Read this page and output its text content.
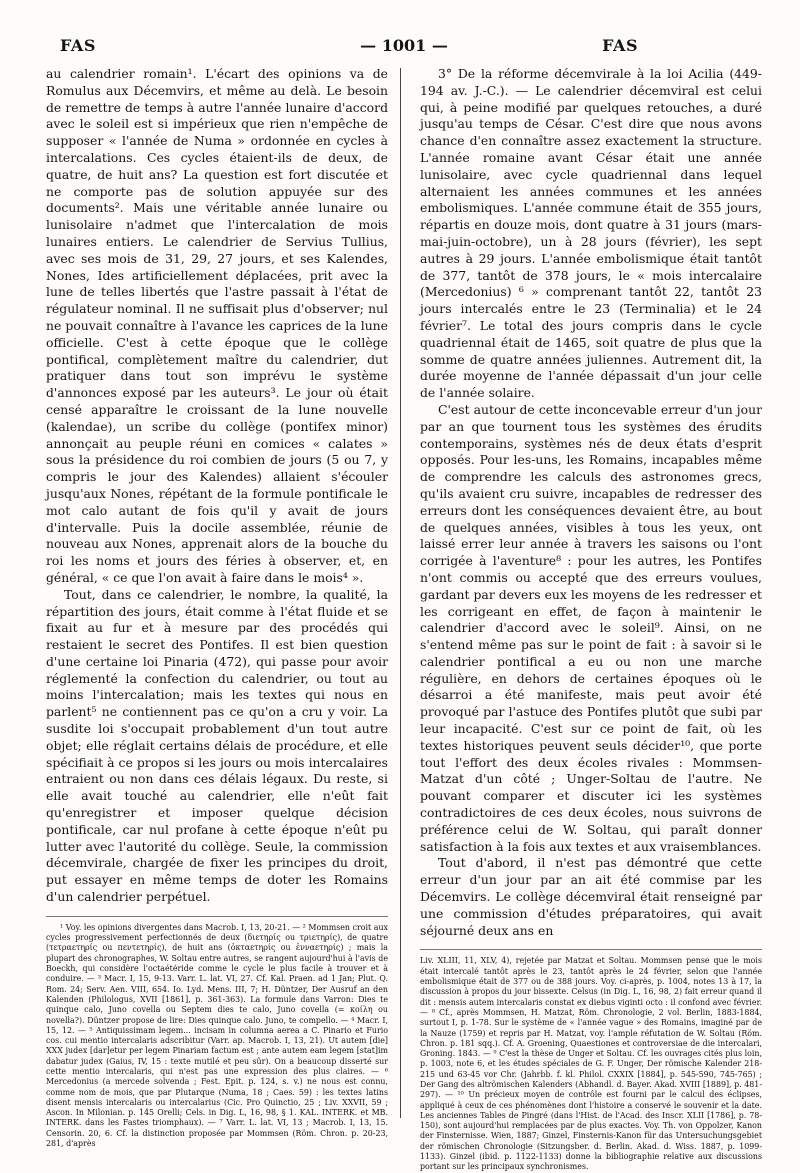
FAS	— 1001 —	FAS

au calendrier romain¹. L'écart des opinions va de Romulus aux Décemvirs, et même au delà. Le besoin de remettre de temps à autre l'année lunaire d'accord avec le soleil est si impérieux que rien n'empêche de supposer « l'année de Numa » ordonnée en cycles à intercalations. Ces cycles étaient-ils de deux, de quatre, de huit ans? La question est fort discutée et ne comporte pas de solution appuyée sur des documents². Mais une véritable année lunaire ou lunisolaire n'admet que l'intercalation de mois lunaires entiers. Le calendrier de Servius Tullius, avec ses mois de 31, 29, 27 jours, et ses Kalendes, Nones, Ides artificiellement déplacées, prit avec la lune de telles libertés que l'astre passait à l'état de régulateur nominal. Il ne suffisait plus d'observer; nul ne pouvait connaître à l'avance les caprices de la lune officielle. C'est à cette époque que le collège pontifical, complètement maître du calendrier, dut pratiquer dans tout son imprévu le système d'annonces exposé par les auteurs³. Le jour où était censé apparaître le croissant de la lune nouvelle (kalendae), un scribe du collège (pontifex minor) annonçait au peuple réuni en comices « calates » sous la présidence du roi combien de jours (5 ou 7, y compris le jour des Kalendes) allaient s'écouler jusqu'aux Nones, répétant de la formule pontificale le mot calo autant de fois qu'il y avait de jours d'intervalle. Puis la docile assemblée, réunie de nouveau aux Nones, apprenait alors de la bouche du roi les noms et jours des féries à observer, et, en général, « ce que l'on avait à faire dans le mois⁴ ».

Tout, dans ce calendrier, le nombre, la qualité, la répartition des jours, était comme à l'état fluide et se fixait au fur et à mesure par des procédés qui restaient le secret des Pontifes. Il est bien question d'une certaine loi Pinaria (472), qui passe pour avoir réglementé la confection du calendrier, ou tout au moins l'intercalation; mais les textes qui nous en parlent⁵ ne contiennent pas ce qu'on a cru y voir. La susdite loi s'occupait probablement d'un tout autre objet; elle réglait certains délais de procédure, et elle spécifiait à ce propos si les jours ou mois intercalaires entraient ou non dans ces délais légaux. Du reste, si elle avait touché au calendrier, elle n'eût fait qu'enregistrer et imposer quelque décision pontificale, car nul profane à cette époque n'eût pu lutter avec l'autorité du collège. Seule, la commission décemvirale, chargée de fixer les principes du droit, put essayer en même temps de doter les Romains d'un calendrier perpétuel.

¹ Voy. les opinions divergentes dans Macrob. I, 13, 20-21. — ² Mommsen croit aux cycles progressivement perfectionnés de deux (διετηρίς ou τριετηρίς), de quatre (τετραετηρίς ou πεντετηρίς), de huit ans (ὀκταετηρίς ou ἐνναετηρίς) ; mais la plupart des chronographes, W. Soltau entre autres, se rangent aujourd'hui à l'avis de Boeckh, qui considère l'octaétéride comme le cycle le plus facile à trouver et à conduire. — ³ Macr. I, 15, 9-13. Varr. L. lat. VI, 27. Cf. Kal. Praen. ad 1 Jan; Plut. Q. Rom. 24; Serv. Aen. VIII, 654. Io. Lyd. Mens. III, 7; H. Düntzer, Der Ausruf an den Kalenden (Philologus, XVII [1861], p. 361-363). La formule dans Varron: Dies te quinque calo, Juno covella ou Septem dies te calo, Juno covella (= κοίλη ou novella?). Düntzer propose de lire: Dies quinque calo. Juno, te compello. — ⁴ Macr. I, 15, 12. — ⁵ Antiquissimam legem... incisam in columna aerea a C. Pinario et Furio cos. cui mentio intercalaris adscribitur (Varr. ap. Macrob. I, 13, 21). Ut autem [die] XXX judex [dar]etur per legem Pinariam factum est ; ante autem eam legem [stat]im dabatur judex (Gaius, IV, 15 : texte mutilé et peu sûr). On a beaucoup disserté sur cette mentio intercalaris, qui n'est pas une expression des plus claires. — ⁶ Mercedonius (a mercede solvenda ; Fest. Epit. p. 124, s. v.) ne nous est connu, comme nom de mois, que par Plutarque (Numa, 18 ; Caes. 59) : les textes latins disent mensis intercalaris ou intercalarius (Cic. Pro Quinctio, 25 ; Liv. XXVII, 59 ; Ascon. In Milonian. p. 145 Orelli; Cels. in Dig. L, 16, 98, § 1. KAL. INTERK. et MB. INTERK. dans les Fastes triomphaux). — ⁷ Varr. L. lat. VI, 13 ; Macrob. I, 13, 15. Censorin. 20, 6. Cf. la distinction proposée par Mommsen (Röm. Chron. p. 20-23, 281, d'après

3° De la réforme décemvirale à la loi Acilia (449-194 av. J.-C.). — Le calendrier décemviral est celui qui, à peine modifié par quelques retouches, a duré jusqu'au temps de César. C'est dire que nous avons chance d'en connaître assez exactement la structure. L'année romaine avant César était une année lunisolaire, avec cycle quadriennal dans lequel alternaient les années communes et les années embolismiques. L'année commune était de 355 jours, répartis en douze mois, dont quatre à 31 jours (mars-mai-juin-octobre), un à 28 jours (février), les sept autres à 29 jours. L'année embolismique était tantôt de 377, tantôt de 378 jours, le « mois intercalaire (Mercedonius) ⁶ » comprenant tantôt 22, tantôt 23 jours intercalés entre le 23 (Terminalia) et le 24 février⁷. Le total des jours compris dans le cycle quadriennal était de 1465, soit quatre de plus que la somme de quatre années juliennes. Autrement dit, la durée moyenne de l'année dépassait d'un jour celle de l'année solaire.

C'est autour de cette inconcevable erreur d'un jour par an que tournent tous les systèmes des érudits contemporains, systèmes nés de deux états d'esprit opposés. Pour les-uns, les Romains, incapables même de comprendre les calculs des astronomes grecs, qu'ils avaient cru suivre, incapables de redresser des erreurs dont les conséquences devaient être, au bout de quelques années, visibles à tous les yeux, ont laissé errer leur année à travers les saisons ou l'ont corrigée à l'aventure⁸ : pour les autres, les Pontifes n'ont commis ou accepté que des erreurs voulues, gardant par devers eux les moyens de les redresser et les corrigeant en effet, de façon à maintenir le calendrier d'accord avec le soleil⁹. Ainsi, on ne s'entend même pas sur le point de fait : à savoir si le calendrier pontifical a eu ou non une marche régulière, en dehors de certaines époques où le désarroi a été manifeste, mais peut avoir été provoqué par l'astuce des Pontifes plutôt que subi par leur incapacité. C'est sur ce point de fait, où les textes historiques peuvent seuls décider¹⁰, que porte tout l'effort des deux écoles rivales : Mommsen-Matzat d'un côté ; Unger-Soltau de l'autre. Ne pouvant comparer et discuter ici les systèmes contradictoires de ces deux écoles, nous suivrons de préférence celui de W. Soltau, qui paraît donner satisfaction à la fois aux textes et aux vraisemblances.

Tout d'abord, il n'est pas démontré que cette erreur d'un jour par an ait été commise par les Décemvirs. Le collège décemviral était renseigné par une commission d'études préparatoires, qui avait séjourné deux ans en

Liv. XLIII, 11, XLV, 4), rejetée par Matzat et Soltau. Mommsen pense que le mois était intercalé tantôt après le 23, tantôt après le 24 février, selon que l'année embolismique était de 377 ou de 388 jours. Voy. ci-après, p. 1004, notes 13 à 17, la discussion à propos du jour bissexte. Celsus (in Dig. L, 16, 98, 2) fait erreur quand il dit : mensis autem intercalaris constat ex diebus viginti octo : il confond avec février. — ⁸ Cf., après Mommsen, H. Matzat, Röm. Chronologie, 2 vol. Berlin, 1883-1884, surtout I, p. 1-78. Sur le système de « l'année vague » des Romains, imaginé par de la Nauze (1759) et repris par H. Matzat, voy. l'ample réfutation de W. Soltau (Röm. Chron. p. 181 sqq.). Cf. A. Groening, Quaestiones et controversiae de die intercalari, Groning. 1843. — ⁹ C'est la thèse de Unger et Soltau. Cf. les ouvrages cités plus loin, p. 1003, note 6, et les études spéciales de G. F. Unger, Der römische Kalender 218-215 und 63-45 vor Chr. (Jahrbb. f. kl. Philol. CXXIX [1884], p. 545-590, 745-765) ; Der Gang des altrömischen Kalenders (Abhandl. d. Bayer. Akad. XVIII [1889], p. 481-297). — ¹⁰ Un précieux moyen de contrôle est fourni par le calcul des éclipses, appliqué à ceux de ces phénomènes dont l'histoire a conservé le souvenir et la date. Les anciennes Tables de Pingré (dans l'Hist. de l'Acad. des Inscr. XLII [1786], p. 78-150), sont aujourd'hui remplacées par de plus exactes. Voy. Th. von Oppolzer, Kanon der Finsternisse. Wien, 1887; Ginzel, Finsternis-Kanon für das Untersuchungsgebiet der römischen Chronologie (Sitzungsber. d. Berlin. Akad. d. Wiss. 1887, p. 1099-1133). Ginzel (ibid. p. 1122-1133) donne la bibliographie relative aux discussions portant sur les principaux synchronismes.
